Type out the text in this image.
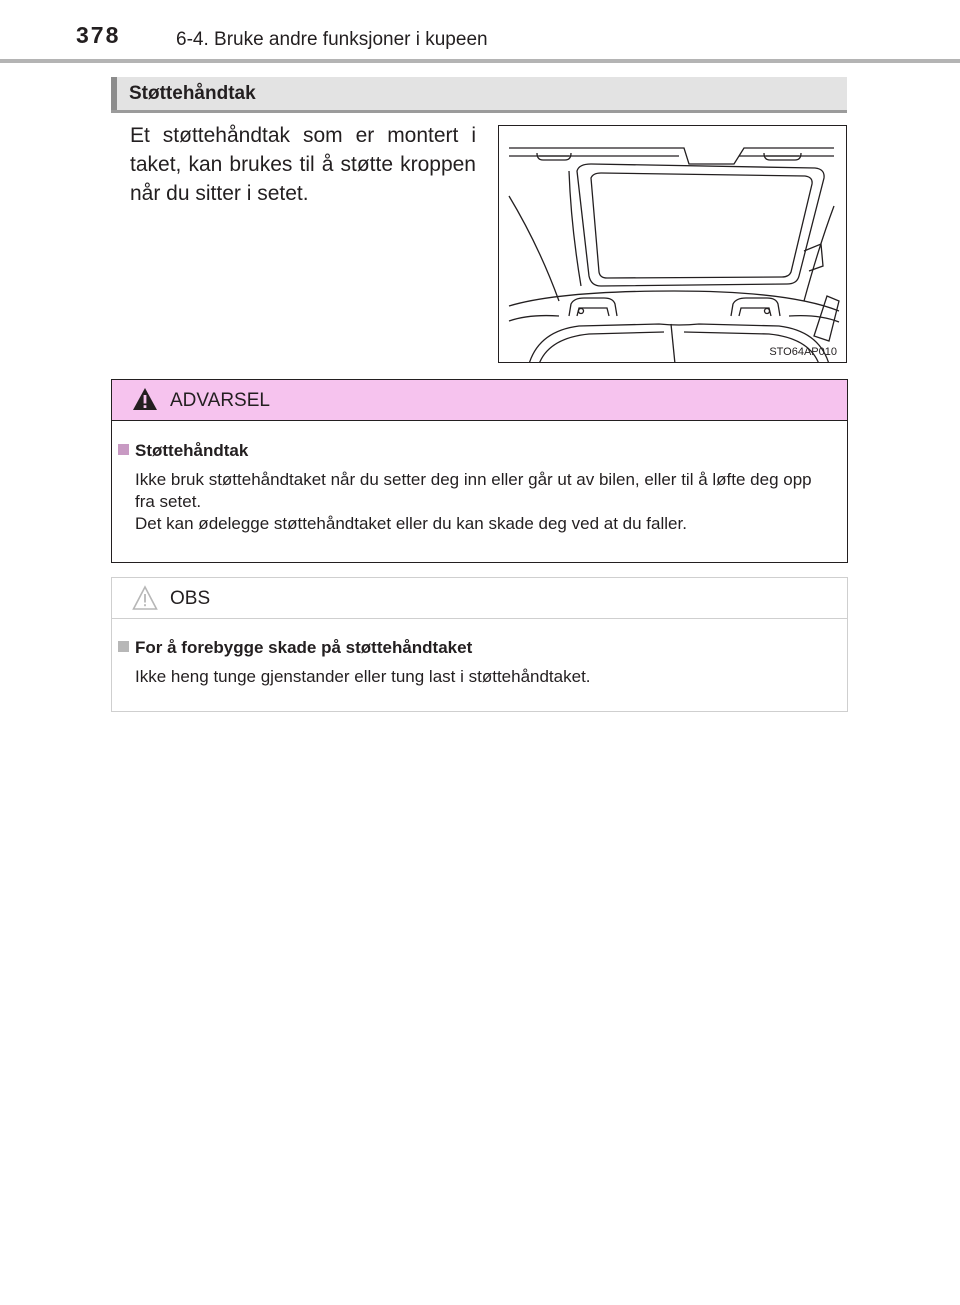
378	6-4. Bruke andre funksjoner i kupeen
Støttehåndtak
Et støttehåndtak som er montert i taket, kan brukes til å støtte kroppen når du sitter i setet.
STO64AP010
ADVARSEL
Støttehåndtak
Ikke bruk støttehåndtaket når du setter deg inn eller går ut av bilen, eller til å løfte deg opp fra setet.
Det kan ødelegge støttehåndtaket eller du kan skade deg ved at du faller.
OBS
For å forebygge skade på støttehåndtaket
Ikke heng tunge gjenstander eller tung last i støttehåndtaket.
